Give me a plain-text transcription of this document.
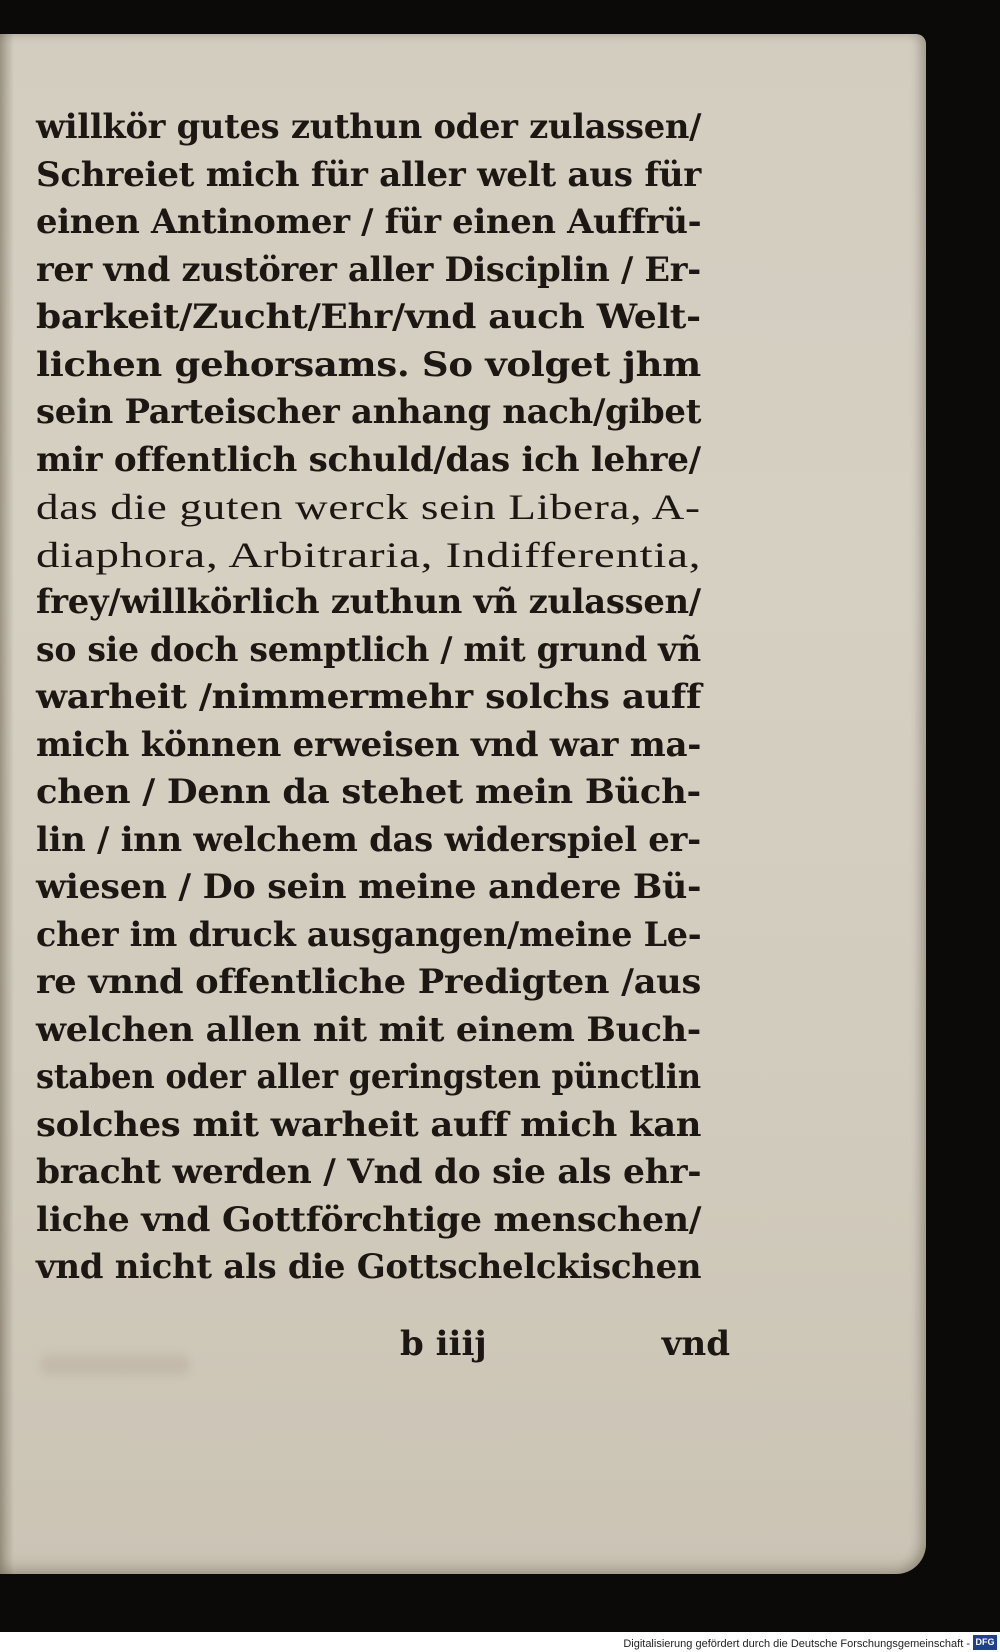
willkör gutes zuthun oder zulassen/
Schreiet mich für aller welt aus für
einen Antinomer / für einen Auffrü-
rer vnd zustörer aller Disciplin / Er-
barkeit/Zucht/Ehr/vnd auch Welt-
lichen gehorsams. So volget jhm
sein Parteischer anhang nach/gibet
mir offentlich schuld/das ich lehre/
das die guten werck sein Libera, A-
diaphora, Arbitraria, Indifferentia,
frey/willkörlich zuthun vñ zulassen/
so sie doch semptlich / mit grund vñ
warheit /nimmermehr solchs auff
mich können erweisen vnd war ma-
chen / Denn da stehet mein Büch-
lin / inn welchem das widerspiel er-
wiesen / Do sein meine andere Bü-
cher im druck ausgangen/meine Le-
re vnnd offentliche Predigten /aus
welchen allen nit mit einem Buch-
staben oder aller geringsten pünctlin
solches mit warheit auff mich kan
bracht werden / Vnd do sie als ehr-
liche vnd Gottförchtige menschen/
vnd nicht als die Gottschelckischen
b iiij	vnd
Digitalisierung gefördert durch die Deutsche Forschungsgemeinschaft - DFG
